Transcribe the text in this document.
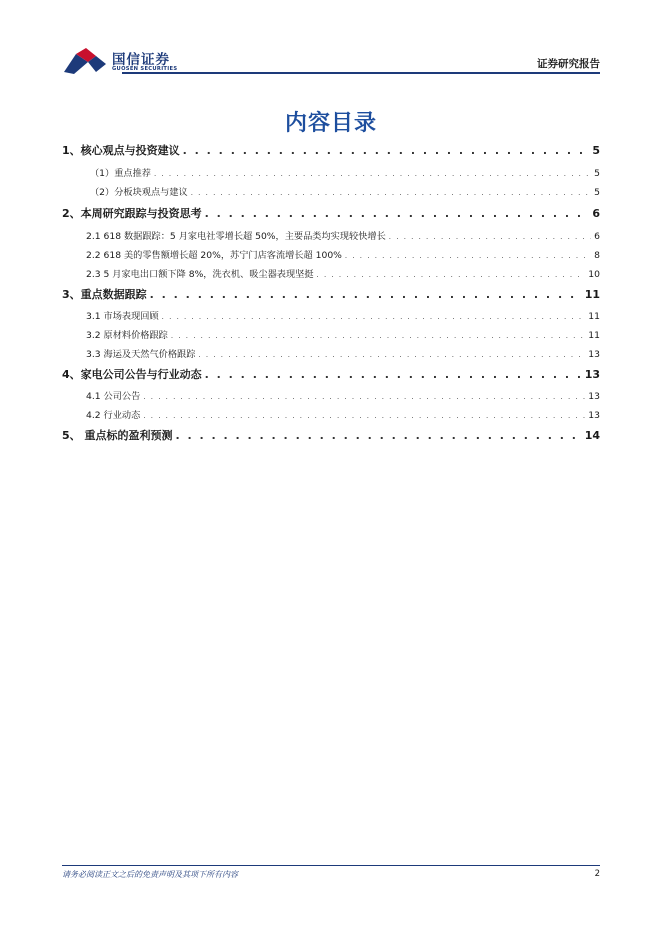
国信证券
GUOSEN SECURITIES	证券研究报告
内容目录
1、核心观点与投资建议 . . .	5
（1）重点推荐 . . .	5
（2）分板块观点与建议 . . .	5
2、本周研究跟踪与投资思考 . . .	6
2.1 618 数据跟踪：5 月家电社零增长超 50%，主要品类均实现较快增长 . . .	6
2.2 618 美的零售额增长超 20%，苏宁门店客流增长超 100% . . .	8
2.3 5 月家电出口额下降 8%，洗衣机、吸尘器表现坚挺 . . .	10
3、重点数据跟踪 . . .	11
3.1 市场表现回顾 . . .	11
3.2 原材料价格跟踪 . . .	11
3.3 海运及天然气价格跟踪 . . .	13
4、家电公司公告与行业动态 . . .	13
4.1 公司公告 . . .	13
4.2 行业动态 . . .	13
5、 重点标的盈利预测 . . .	14
请务必阅读正文之后的免责声明及其项下所有内容	2
